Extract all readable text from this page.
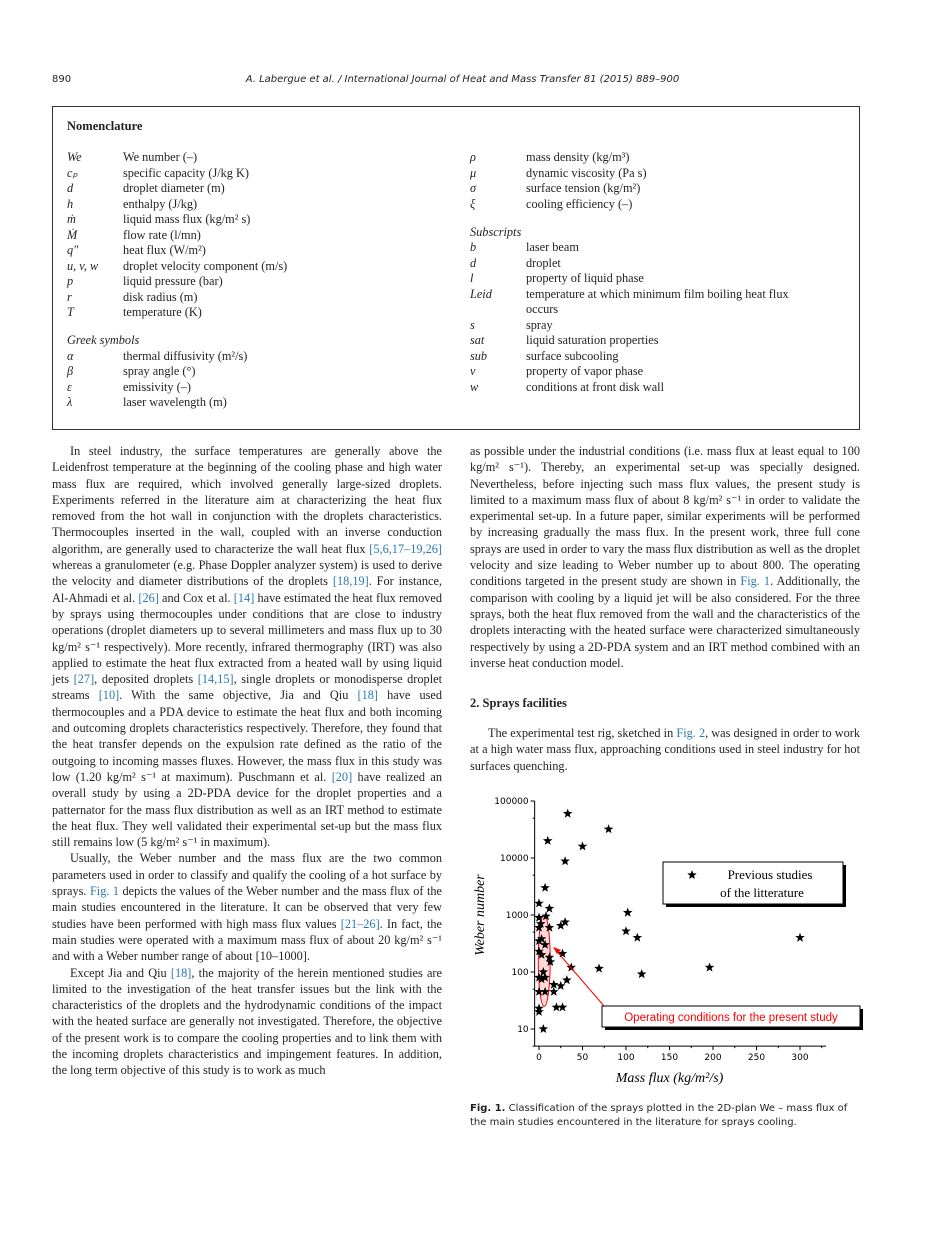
890	A. Labergue et al. / International Journal of Heat and Mass Transfer 81 (2015) 889–900
Nomenclature
We	We number (–)
cₚ	specific capacity (J/kg K)
d	droplet diameter (m)
h	enthalpy (J/kg)
ṁ	liquid mass flux (kg/m² s)
Ṁ	flow rate (l/mn)
q″	heat flux (W/m²)
u, v, w droplet velocity component (m/s)
p	liquid pressure (bar)
r	disk radius (m)
T	temperature (K)
Greek symbols
α	thermal diffusivity (m²/s)
β	spray angle (°)
ε	emissivity (–)
λ	laser wavelength (m)
ρ	mass density (kg/m³)
μ	dynamic viscosity (Pa s)
σ	surface tension (kg/m²)
ξ	cooling efficiency (–)
Subscripts
b	laser beam
d	droplet
l	property of liquid phase
Leid	temperature at which minimum film boiling heat flux
occurs
s	spray
sat	liquid saturation properties
sub	surface subcooling
v	property of vapor phase
w	conditions at front disk wall

In steel industry, the surface temperatures are generally above the Leidenfrost temperature at the beginning of the cooling phase and high water mass flux are required, which involved generally large-sized droplets. Experiments referred in the literature aim at characterizing the heat flux removed from the hot wall in conjunction with the droplets characteristics. Thermocouples inserted in the wall, coupled with an inverse conduction algorithm, are generally used to characterize the wall heat flux [5,6,17–19,26] whereas a granulometer (e.g. Phase Doppler analyzer system) is used to derive the velocity and diameter distributions of the droplets [18,19]. For instance, Al-Ahmadi et al. [26] and Cox et al. [14] have estimated the heat flux removed by sprays using thermocouples under conditions that are close to industry operations (droplet diameters up to several millimeters and mass flux up to 30 kg/m² s⁻¹ respectively). More recently, infrared thermography (IRT) was also applied to estimate the heat flux extracted from a heated wall by using liquid jets [27], deposited droplets [14,15], single droplets or monodisperse droplet streams [10]. With the same objective, Jia and Qiu [18] have used thermocouples and a PDA device to estimate the heat flux and both incoming and outcoming droplets characteristics respectively. Therefore, they found that the heat transfer depends on the expulsion rate defined as the ratio of the outgoing to incoming masses fluxes. However, the mass flux in this study was low (1.20 kg/m² s⁻¹ at maximum). Puschmann et al. [20] have realized an overall study by using a 2D-PDA device for the droplet properties and a patternator for the mass flux distribution as well as an IRT method to estimate the heat flux. They well validated their experimental set-up but the mass flux still remains low (5 kg/m² s⁻¹ in maximum).

Usually, the Weber number and the mass flux are the two common parameters used in order to classify and qualify the cooling of a hot surface by sprays. Fig. 1 depicts the values of the Weber number and the mass flux of the main studies encountered in the literature. It can be observed that very few studies have been performed with high mass flux values [21–26]. In fact, the main studies were operated with a maximum mass flux of about 20 kg/m² s⁻¹ and with a Weber number range of about [10–1000].

Except Jia and Qiu [18], the majority of the herein mentioned studies are limited to the investigation of the heat transfer issues but the link with the characteristics of the droplets and the hydrodynamic conditions of the impact with the heated surface are generally not investigated. Therefore, the objective of the present work is to compare the cooling properties and to link them with the incoming droplets characteristics and impingement features. In addition, the long term objective of this study is to work as much

as possible under the industrial conditions (i.e. mass flux at least equal to 100 kg/m² s⁻¹). Thereby, an experimental set-up was specially designed. Nevertheless, before injecting such mass flux values, the present study is limited to a maximum mass flux of about 8 kg/m² s⁻¹ in order to validate the experimental set-up. In a future paper, similar experiments will be performed by increasing gradually the mass flux. In the present work, three full cone sprays are used in order to vary the mass flux distribution as well as the droplet velocity and size leading to Weber number up to about 800. The operating conditions targeted in the present study are shown in Fig. 1. Additionally, the comparison with cooling by a liquid jet will be also considered. For the three sprays, both the heat flux removed from the wall and the characteristics of the droplets interacting with the heated surface were characterized simultaneously respectively by using a 2D-PDA system and an IRT method combined with an inverse heat conduction model.

2. Sprays facilities

The experimental test rig, sketched in Fig. 2, was designed in order to work at a high water mass flux, approaching conditions used in steel industry for hot surfaces quenching.

0	50	100	150	200	250	300
10
100
1000
10000
100000
Mass flux (kg/m²/s)
Weber number	Previous studies
of the litterature
Operating conditions for the present study
Fig. 1. Classification of the sprays plotted in the 2D-plan We – mass flux of the main studies encountered in the literature for sprays cooling.
